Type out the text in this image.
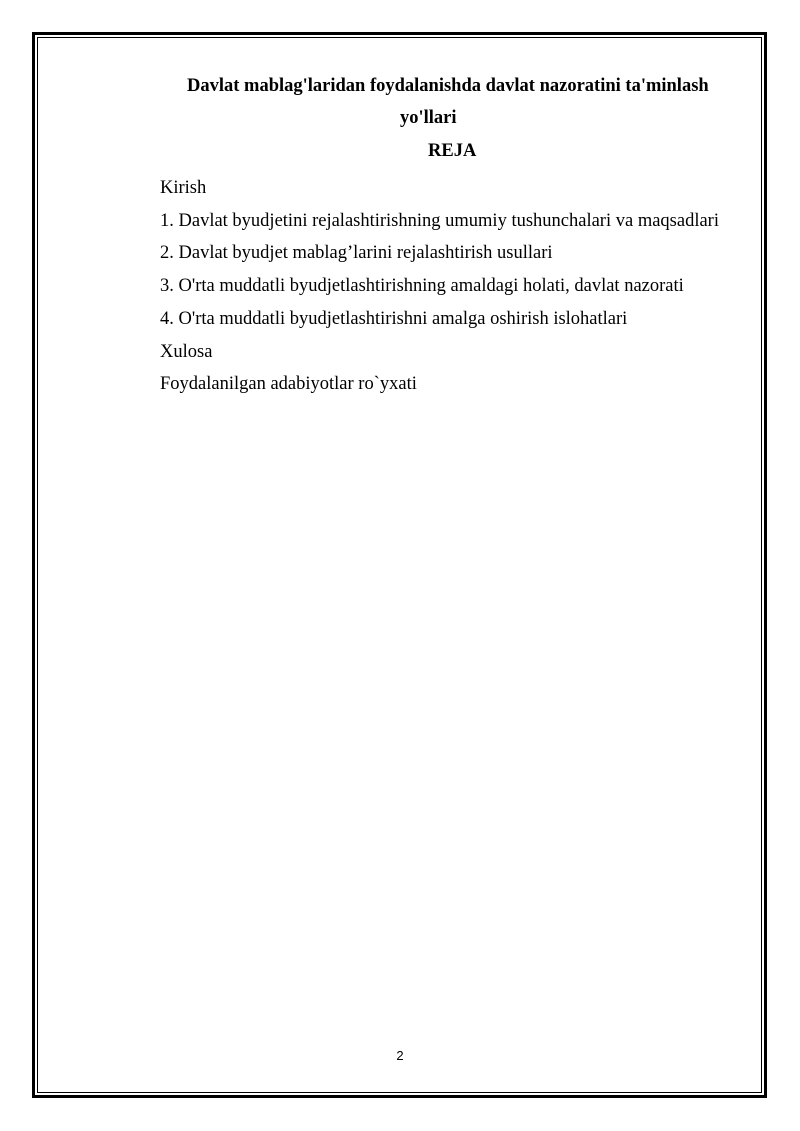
Davlat mablag'laridan foydalanishda davlat nazoratini ta'minlash
yo'llari
REJA
Kirish
1. Davlat byudjetini rejalashtirishning umumiy tushunchalari va maqsadlari
2. Davlat byudjet mablag’larini rejalashtirish usullari
3. O'rta muddatli byudjetlashtirishning amaldagi holati, davlat nazorati
4. O'rta muddatli byudjetlashtirishni amalga oshirish islohatlari
Xulosa
Foydalanilgan adabiyotlar ro`yxati
2
